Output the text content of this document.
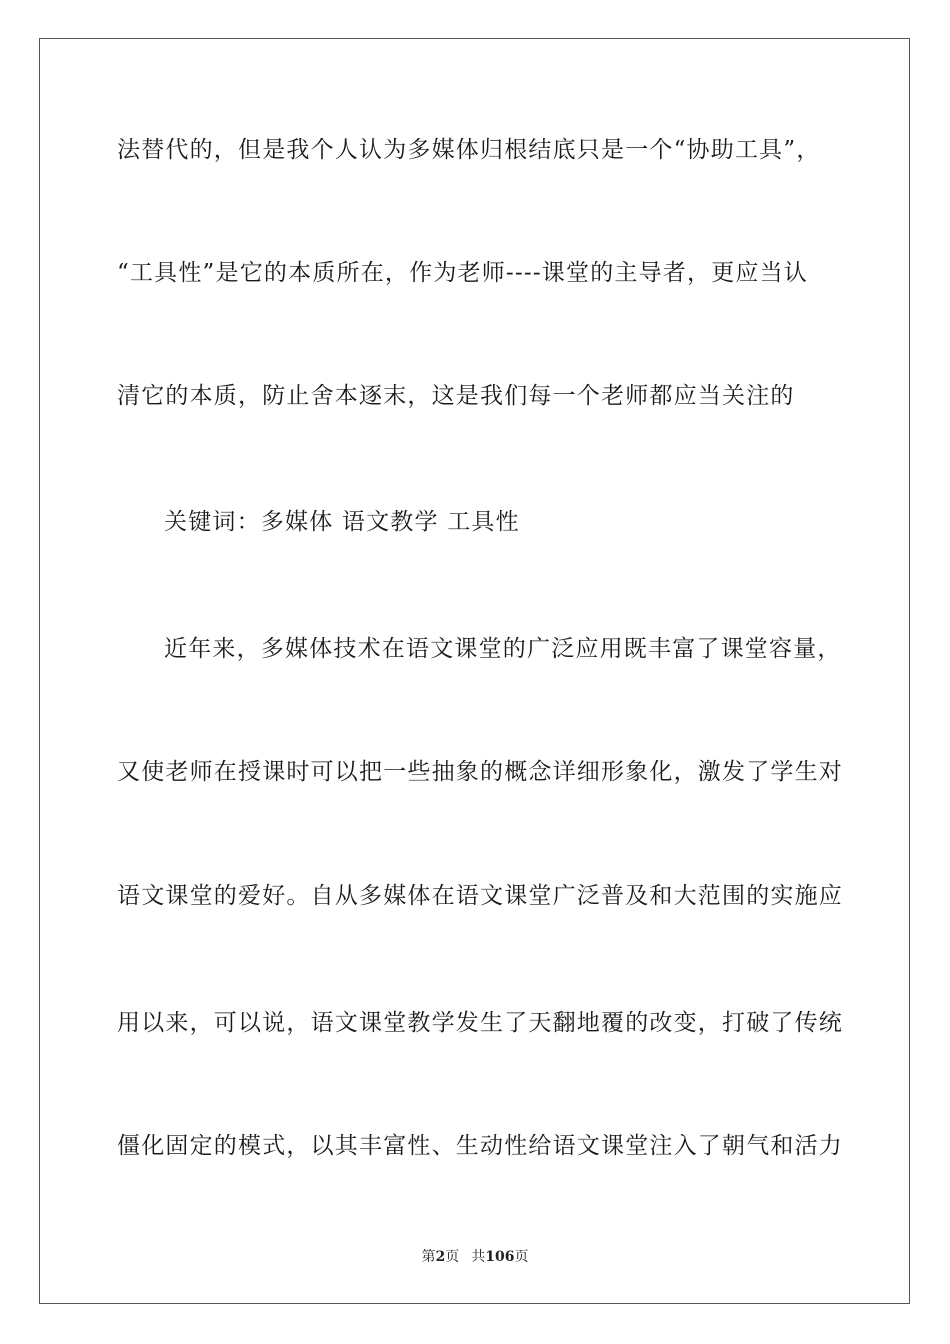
法替代的，但是我个人认为多媒体归根结底只是一个“协助工具”，
“工具性”是它的本质所在，作为老师----课堂的主导者，更应当认
清它的本质，防止舍本逐末，这是我们每一个老师都应当关注的
关键词：多媒体 语文教学 工具性
近年来，多媒体技术在语文课堂的广泛应用既丰富了课堂容量，
又使老师在授课时可以把一些抽象的概念详细形象化，激发了学生对
语文课堂的爱好。自从多媒体在语文课堂广泛普及和大范围的实施应
用以来，可以说，语文课堂教学发生了天翻地覆的改变，打破了传统
僵化固定的模式，以其丰富性、生动性给语文课堂注入了朝气和活力
第2页 共106页
